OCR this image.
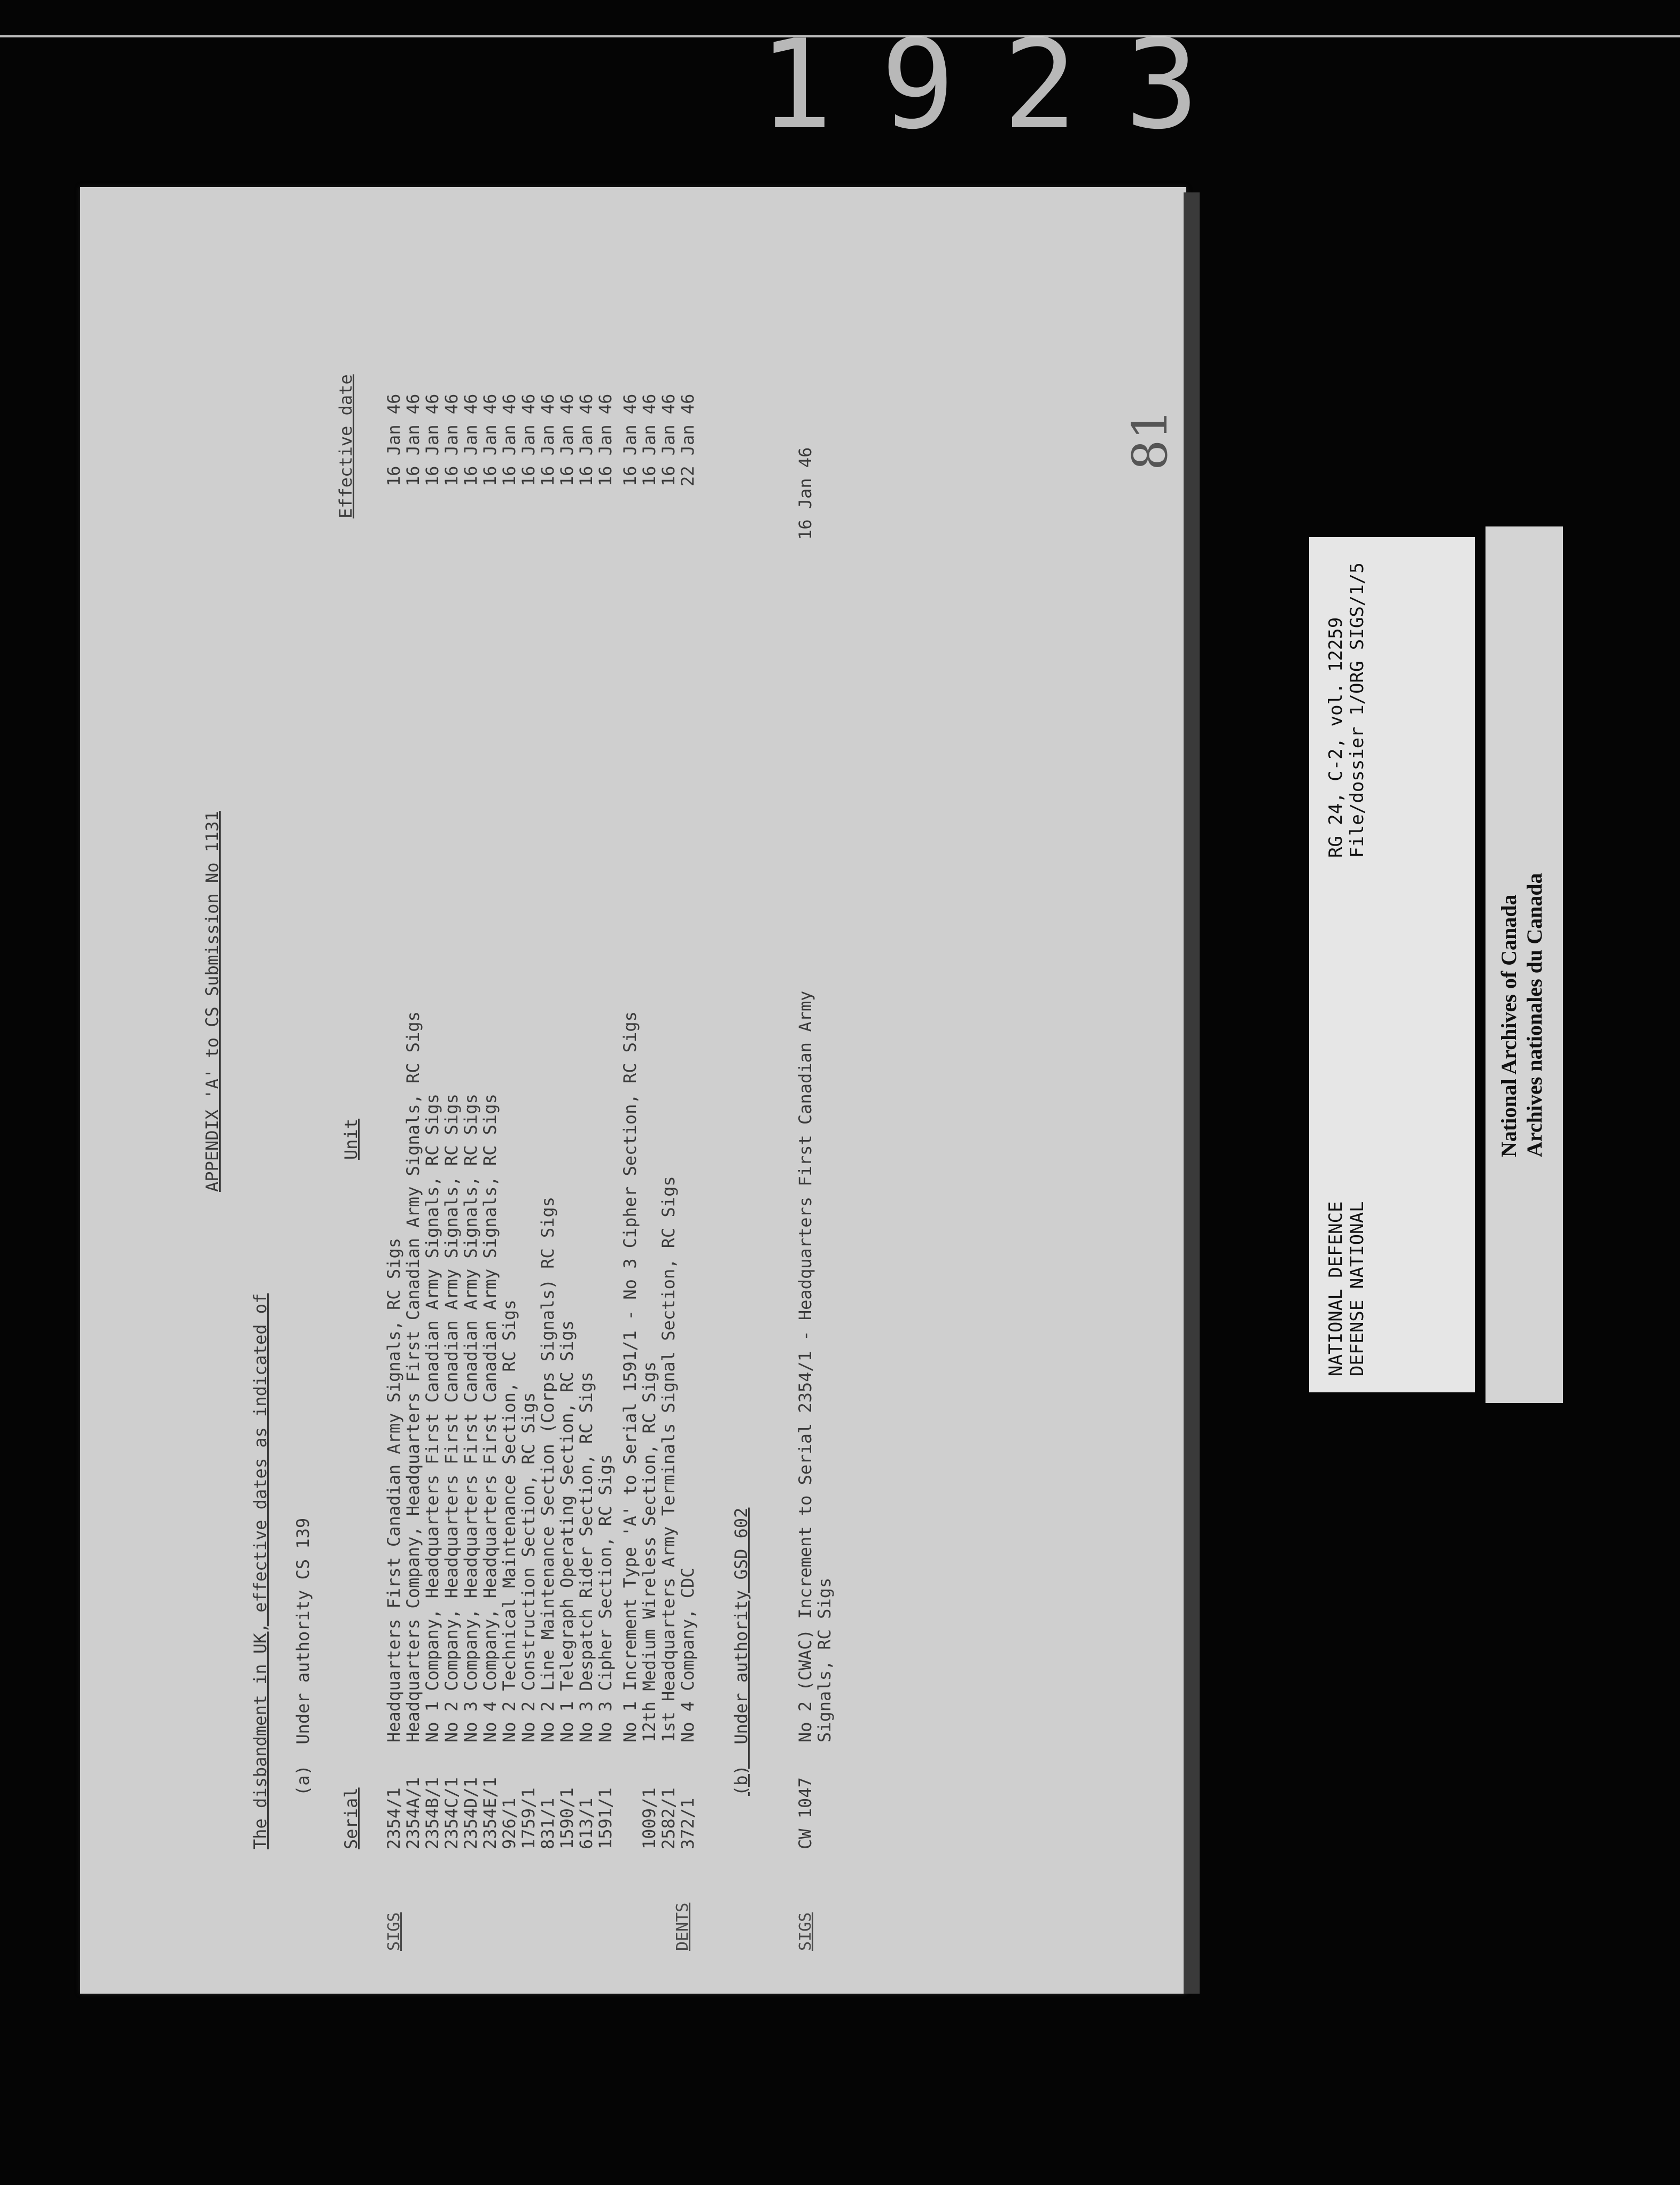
1923
81
APPENDIX 'A' to CS Submission No 1131
The disbandment in UK, effective dates as indicated of (a)  Under authority CS 139
Serial
Unit
Effective date
SIGS	DENTS
2354/1
Headquarters First Canadian Army Signals, RC Sigs
16 Jan 46
2354A/1
Headquarters Company, Headquarters First Canadian Army Signals, RC Sigs
16 Jan 46
2354B/1
No 1 Company, Headquarters First Canadian Army Signals, RC Sigs
16 Jan 46
2354C/1
No 2 Company, Headquarters First Canadian Army Signals, RC Sigs
16 Jan 46
2354D/1
No 3 Company, Headquarters First Canadian Army Signals, RC Sigs
16 Jan 46
2354E/1
No 4 Company, Headquarters First Canadian Army Signals, RC Sigs
16 Jan 46
926/1
No 2 Technical Maintenance Section, RC Sigs
16 Jan 46
1759/1
No 2 Construction Section, RC Sigs
16 Jan 46
831/1
No 2 Line Maintenance Section (Corps Signals) RC Sigs
16 Jan 46
1590/1
No 1 Telegraph Operating Section, RC Sigs
16 Jan 46
613/1
No 3 Despatch Rider Section, RC Sigs
16 Jan 46
1591/1
No 3 Cipher Section, RC Sigs
16 Jan 46
No 1 Increment Type 'A' to Serial 1591/1 - No 3 Cipher Section, RC Sigs
16 Jan 46
1009/1
12th Medium Wireless Section, RC Sigs
16 Jan 46
2582/1
1st Headquarters Army Terminals Signal Section, RC Sigs
16 Jan 46
372/1
No 4 Company, CDC
22 Jan 46
(b)  Under authority GSD 602
SIGS
CW 1047
No 2 (CWAC) Increment to Serial 2354/1 - Headquarters First Canadian Army
Signals, RC Sigs
16 Jan 46
NATIONAL DEFENCE DEFENSE NATIONAL
RG 24, C-2, vol. 12259 File/dossier 1/ORG SIGS/1/5
National Archives of Canada Archives nationales du Canada
